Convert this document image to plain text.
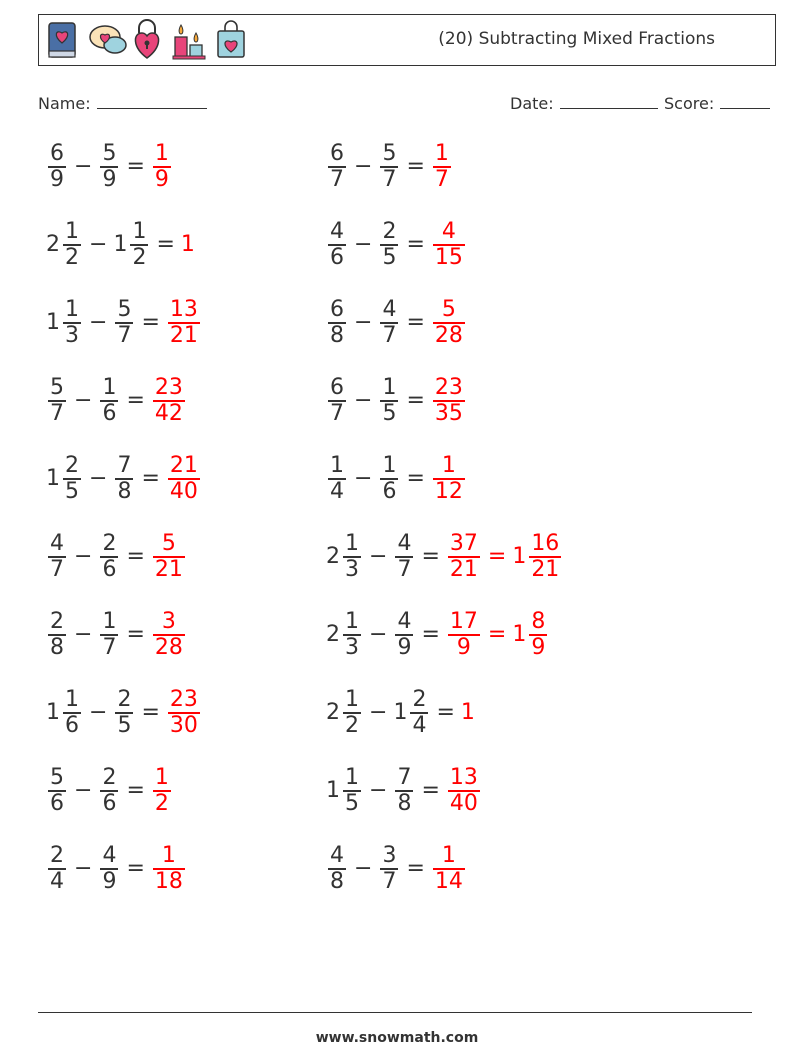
(20) Subtracting Mixed Fractions
Name:	Date:	Score:
$\frac{6}{9} - \frac{5}{9} = \frac{1}{9}$	$\frac{6}{7} - \frac{5}{7} = \frac{1}{7}$
$2 \frac{1}{2} - 1 \frac{1}{2} = 1$	$\frac{4}{6} - \frac{2}{5} = \frac{4}{15}$
$1 \frac{1}{3} - \frac{5}{7} = \frac{13}{21}$	$\frac{6}{8} - \frac{4}{7} = \frac{5}{28}$
$\frac{5}{7} - \frac{1}{6} = \frac{23}{42}$	$\frac{6}{7} - \frac{1}{5} = \frac{23}{35}$
$1 \frac{2}{5} - \frac{7}{8} = \frac{21}{40}$	$\frac{1}{4} - \frac{1}{6} = \frac{1}{12}$
$\frac{4}{7} - \frac{2}{6} = \frac{5}{21}$	$2 \frac{1}{3} - \frac{4}{7} = \frac{37}{21} = 1 \frac{16}{21}$
$\frac{2}{8} - \frac{1}{7} = \frac{3}{28}$	$2 \frac{1}{3} - \frac{4}{9} = \frac{17}{9} = 1 \frac{8}{9}$
$1 \frac{1}{6} - \frac{2}{5} = \frac{23}{30}$	$2 \frac{1}{2} - 1 \frac{2}{4} = 1$
$\frac{5}{6} - \frac{2}{6} = \frac{1}{2}$	$1 \frac{1}{5} - \frac{7}{8} = \frac{13}{40}$
$\frac{2}{4} - \frac{4}{9} = \frac{1}{18}$	$\frac{4}{8} - \frac{3}{7} = \frac{1}{14}$
www.snowmath.com
